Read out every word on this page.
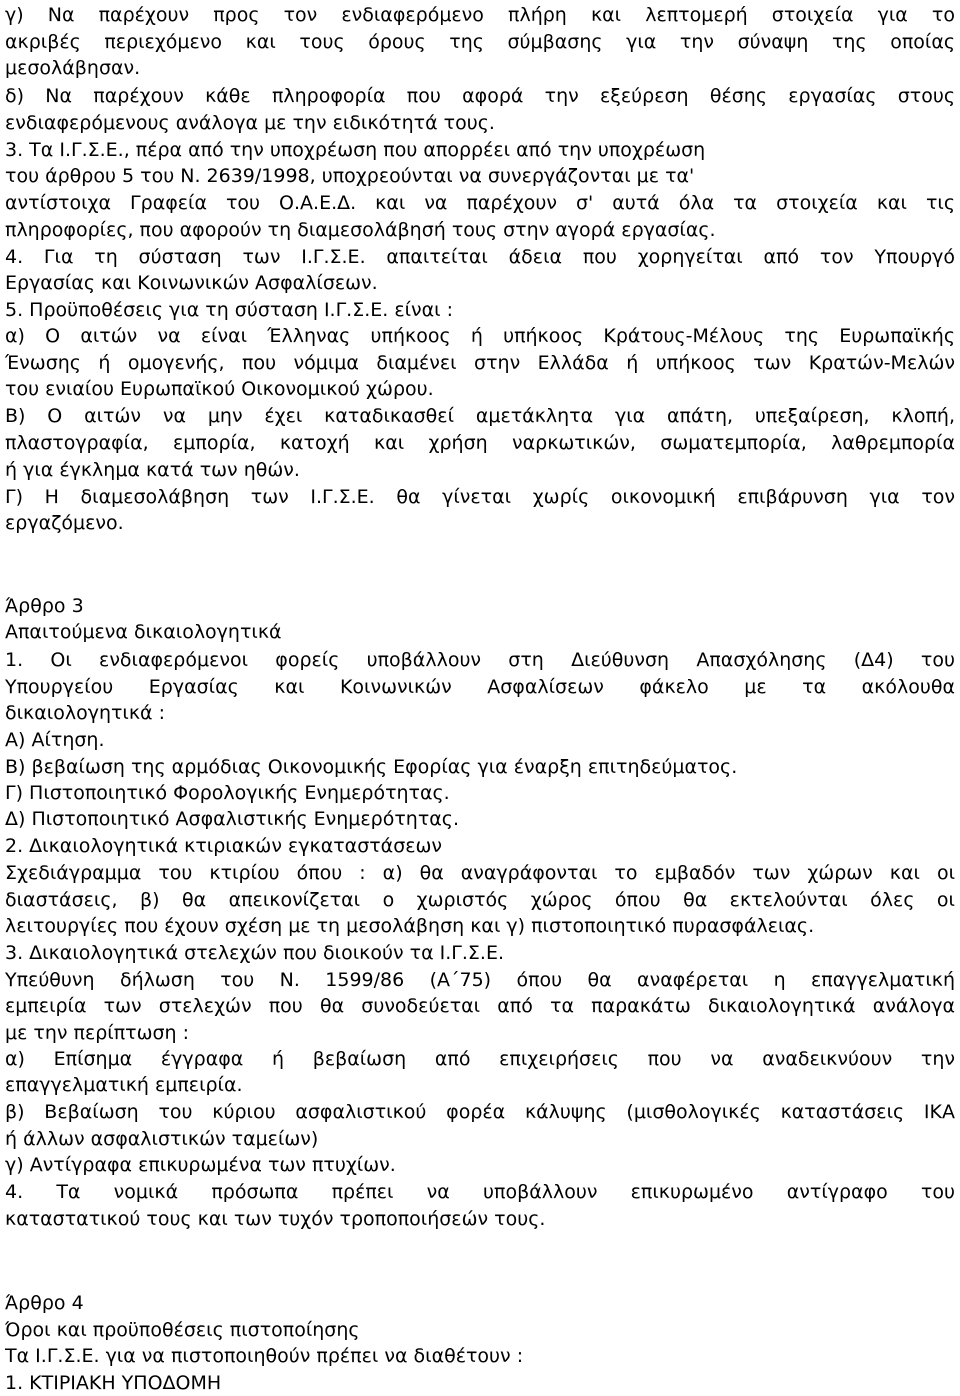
γ) Να παρέχουν προς τον ενδιαφερόμενο πλήρη και λεπτομερή στοιχεία για το
ακριβές περιεχόμενο και τους όρους της σύμβασης για την σύναψη της οποίας
μεσολάβησαν.
δ) Να παρέχουν κάθε πληροφορία που αφορά την εξεύρεση θέσης εργασίας στους
ενδιαφερόμενους ανάλογα με την ειδικότητά τους.
3. Τα Ι.Γ.Σ.Ε., πέρα από την υποχρέωση που απορρέει από την υποχρέωση
του άρθρου 5 του Ν. 2639/1998, υποχρεούνται να συνεργάζονται με τα'
αντίστοιχα Γραφεία του Ο.Α.Ε.Δ. και να παρέχουν σ' αυτά όλα τα στοιχεία και τις
πληροφορίες, που αφορούν τη διαμεσολάβησή τους στην αγορά εργασίας.
4. Για τη σύσταση των Ι.Γ.Σ.Ε. απαιτείται άδεια που χορηγείται από τον Υπουργό
Εργασίας και Κοινωνικών Ασφαλίσεων.
5. Προϋποθέσεις για τη σύσταση Ι.Γ.Σ.Ε. είναι :
α) Ο αιτών να είναι Έλληνας υπήκοος ή υπήκοος Κράτους-Μέλους της Ευρωπαϊκής
Ένωσης ή ομογενής, που νόμιμα διαμένει στην Ελλάδα ή υπήκοος των Κρατών-Μελών
του ενιαίου Ευρωπαϊκού Οικονομικού χώρου.
Β) Ο αιτών να μην έχει καταδικασθεί αμετάκλητα για απάτη, υπεξαίρεση, κλοπή,
πλαστογραφία, εμπορία, κατοχή και χρήση ναρκωτικών, σωματεμπορία, λαθρεμπορία
ή για έγκλημα κατά των ηθών.
Γ) Η διαμεσολάβηση των Ι.Γ.Σ.Ε. θα γίνεται χωρίς οικονομική επιβάρυνση για τον
εργαζόμενο.
Άρθρο 3
Απαιτούμενα δικαιολογητικά
1. Οι ενδιαφερόμενοι φορείς υποβάλλουν στη Διεύθυνση Απασχόλησης (Δ4) του
Υπουργείου Εργασίας και Κοινωνικών Ασφαλίσεων φάκελο με τα ακόλουθα
δικαιολογητικά :
Α) Αίτηση.
Β) βεβαίωση της αρμόδιας Οικονομικής Εφορίας για έναρξη επιτηδεύματος.
Γ) Πιστοποιητικό Φορολογικής Ενημερότητας.
Δ) Πιστοποιητικό Ασφαλιστικής Ενημερότητας.
2. Δικαιολογητικά κτιριακών εγκαταστάσεων
Σχεδιάγραμμα του κτιρίου όπου : α) θα αναγράφονται το εμβαδόν των χώρων και οι
διαστάσεις, β) θα απεικονίζεται ο χωριστός χώρος όπου θα εκτελούνται όλες οι
λειτουργίες που έχουν σχέση με τη μεσολάβηση και γ) πιστοποιητικό πυρασφάλειας.
3. Δικαιολογητικά στελεχών που διοικούν τα Ι.Γ.Σ.Ε.
Υπεύθυνη δήλωση του Ν. 1599/86 (Α΄75) όπου θα αναφέρεται η επαγγελματική
εμπειρία των στελεχών που θα συνοδεύεται από τα παρακάτω δικαιολογητικά ανάλογα
με την περίπτωση :
α) Επίσημα έγγραφα ή βεβαίωση από επιχειρήσεις που να αναδεικνύουν την
επαγγελματική εμπειρία.
β) Βεβαίωση του κύριου ασφαλιστικού φορέα κάλυψης (μισθολογικές καταστάσεις ΙΚΑ
ή άλλων ασφαλιστικών ταμείων)
γ) Αντίγραφα επικυρωμένα των πτυχίων.
4. Τα νομικά πρόσωπα πρέπει να υποβάλλουν επικυρωμένο αντίγραφο του
καταστατικού τους και των τυχόν τροποποιήσεών τους.
Άρθρο 4
Όροι και προϋποθέσεις πιστοποίησης
Τα Ι.Γ.Σ.Ε. για να πιστοποιηθούν πρέπει να διαθέτουν :
1. ΚΤΙΡΙΑΚΗ ΥΠΟΔΟΜΗ
